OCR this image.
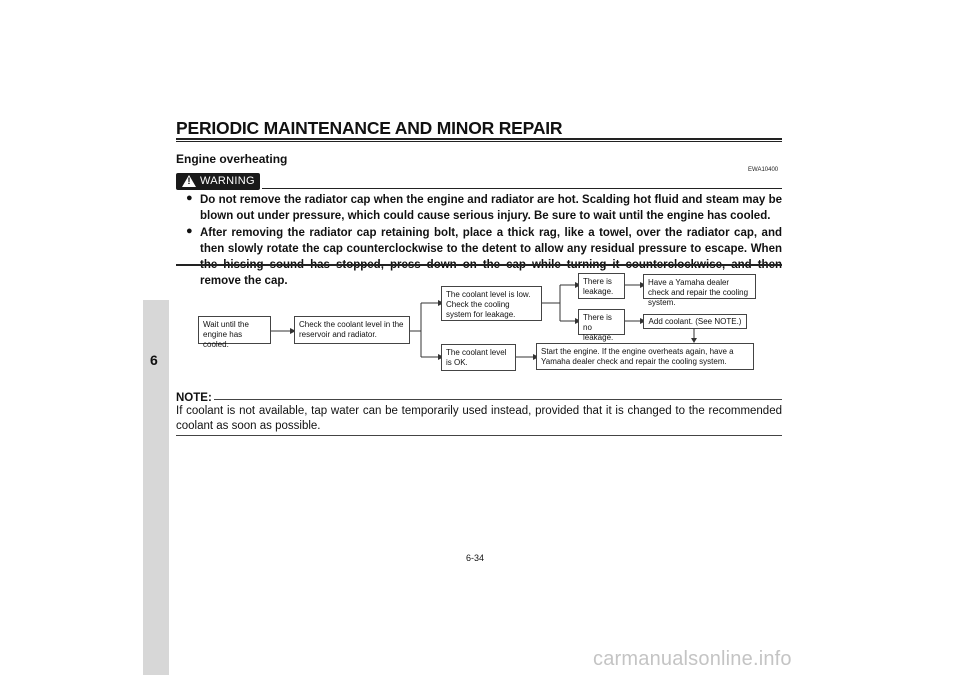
PERIODIC MAINTENANCE AND MINOR REPAIR
6
Engine overheating
EWA10400
! WARNING
● Do not remove the radiator cap when the engine and radiator are hot. Scalding hot fluid and steam may be blown out under pressure, which could cause serious injury. Be sure to wait until the engine has cooled.
● After removing the radiator cap retaining bolt, place a thick rag, like a towel, over the radiator cap, and then slowly rotate the cap counterclockwise to the detent to allow any residual pressure to escape. When remove the cap.
Wait until the engine has cooled.
Check the coolant level in the reservoir and radiator.
The coolant level is low. Check the cooling system for leakage.
The coolant level is OK.
There is leakage.
There is no leakage.
Have a Yamaha dealer check and repair the cooling system.
Add coolant. (See NOTE.)
Start the engine. If the engine overheats again, have a Yamaha dealer check and repair the cooling system.
NOTE:
If coolant is not available, tap water can be temporarily used instead, provided that it is changed to the recommended coolant as soon as possible.
6-34
carmanualsonline.info
